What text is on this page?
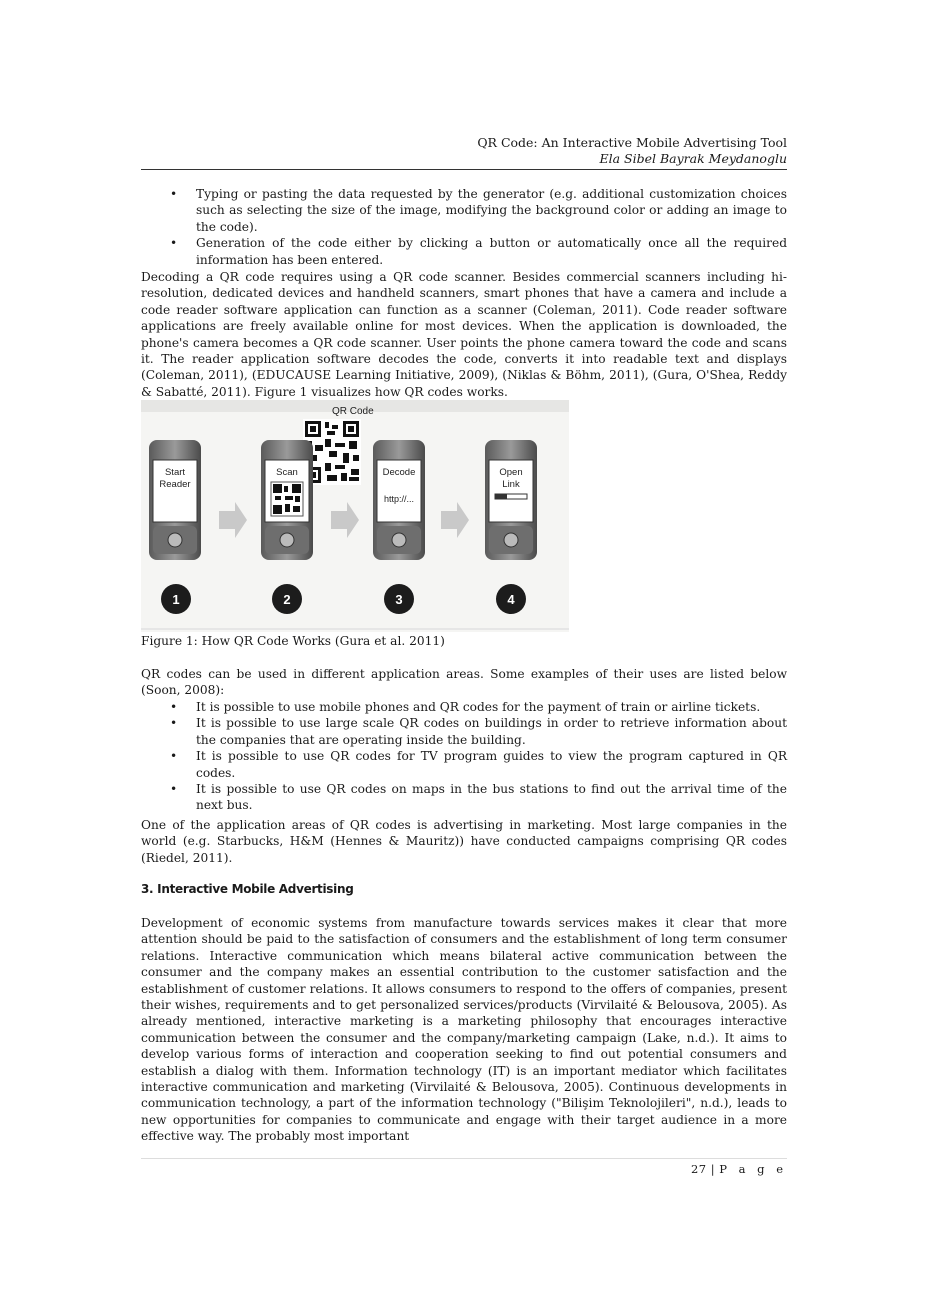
QR Code: An Interactive Mobile Advertising Tool
Ela Sibel Bayrak Meydanoglu
• Typing or pasting the data requested by the generator (e.g. additional customization choices such as selecting the size of the image, modifying the background color or adding an image to the code).
• Generation of the code either by clicking a button or automatically once all the required information has been entered.

Decoding a QR code requires using a QR code scanner. Besides commercial scanners including hi-resolution, dedicated devices and handheld scanners, smart phones that have a camera and include a code reader software application can function as a scanner (Coleman, 2011). Code reader software applications are freely available online for most devices. When the application is downloaded, the phone's camera becomes a QR code scanner. User points the phone camera toward the code and scans it. The reader application software decodes the code, converts it into readable text and displays (Coleman, 2011), (EDUCAUSE Learning Initiative, 2009), (Niklas & Böhm, 2011), (Gura, O'Shea, Reddy & Sabatté, 2011). Figure 1 visualizes how QR codes works.

QR Code
Start
Reader
Scan	Decode
http://...
Open
Link
1	2	3	4
Figure 1: How QR Code Works (Gura et al. 2011)

QR codes can be used in different application areas. Some examples of their uses are listed below (Soon, 2008):

• It is possible to use mobile phones and QR codes for the payment of train or airline tickets.
• It is possible to use large scale QR codes on buildings in order to retrieve information about the companies that are operating inside the building.
• It is possible to use QR codes for TV program guides to view the program captured in QR codes.
• It is possible to use QR codes on maps in the bus stations to find out the arrival time of the next bus.

One of the application areas of QR codes is advertising in marketing. Most large companies in the world (e.g. Starbucks, H&M (Hennes & Mauritz)) have conducted campaigns comprising QR codes (Riedel, 2011).

3. Interactive Mobile Advertising

Development of economic systems from manufacture towards services makes it clear that more attention should be paid to the satisfaction of consumers and the establishment of long term consumer relations. Interactive communication which means bilateral active communication between the consumer and the company makes an essential contribution to the customer satisfaction and the establishment of customer relations. It allows consumers to respond to the offers of companies, present their wishes, requirements and to get personalized services/products (Virvilaité & Belousova, 2005). As already mentioned, interactive marketing is a marketing philosophy that encourages interactive communication between the consumer and the company/marketing campaign (Lake, n.d.). It aims to develop various forms of interaction and cooperation seeking to find out potential consumers and establish a dialog with them. Information technology (IT) is an important mediator which facilitates interactive communication and marketing (Virvilaité & Belousova, 2005). Continuous developments in communication technology, a part of the information technology ("Bilişim Teknolojileri", n.d.), leads to new opportunities for companies to communicate and engage with their target audience in a more effective way. The probably most important

27 | P a g e
